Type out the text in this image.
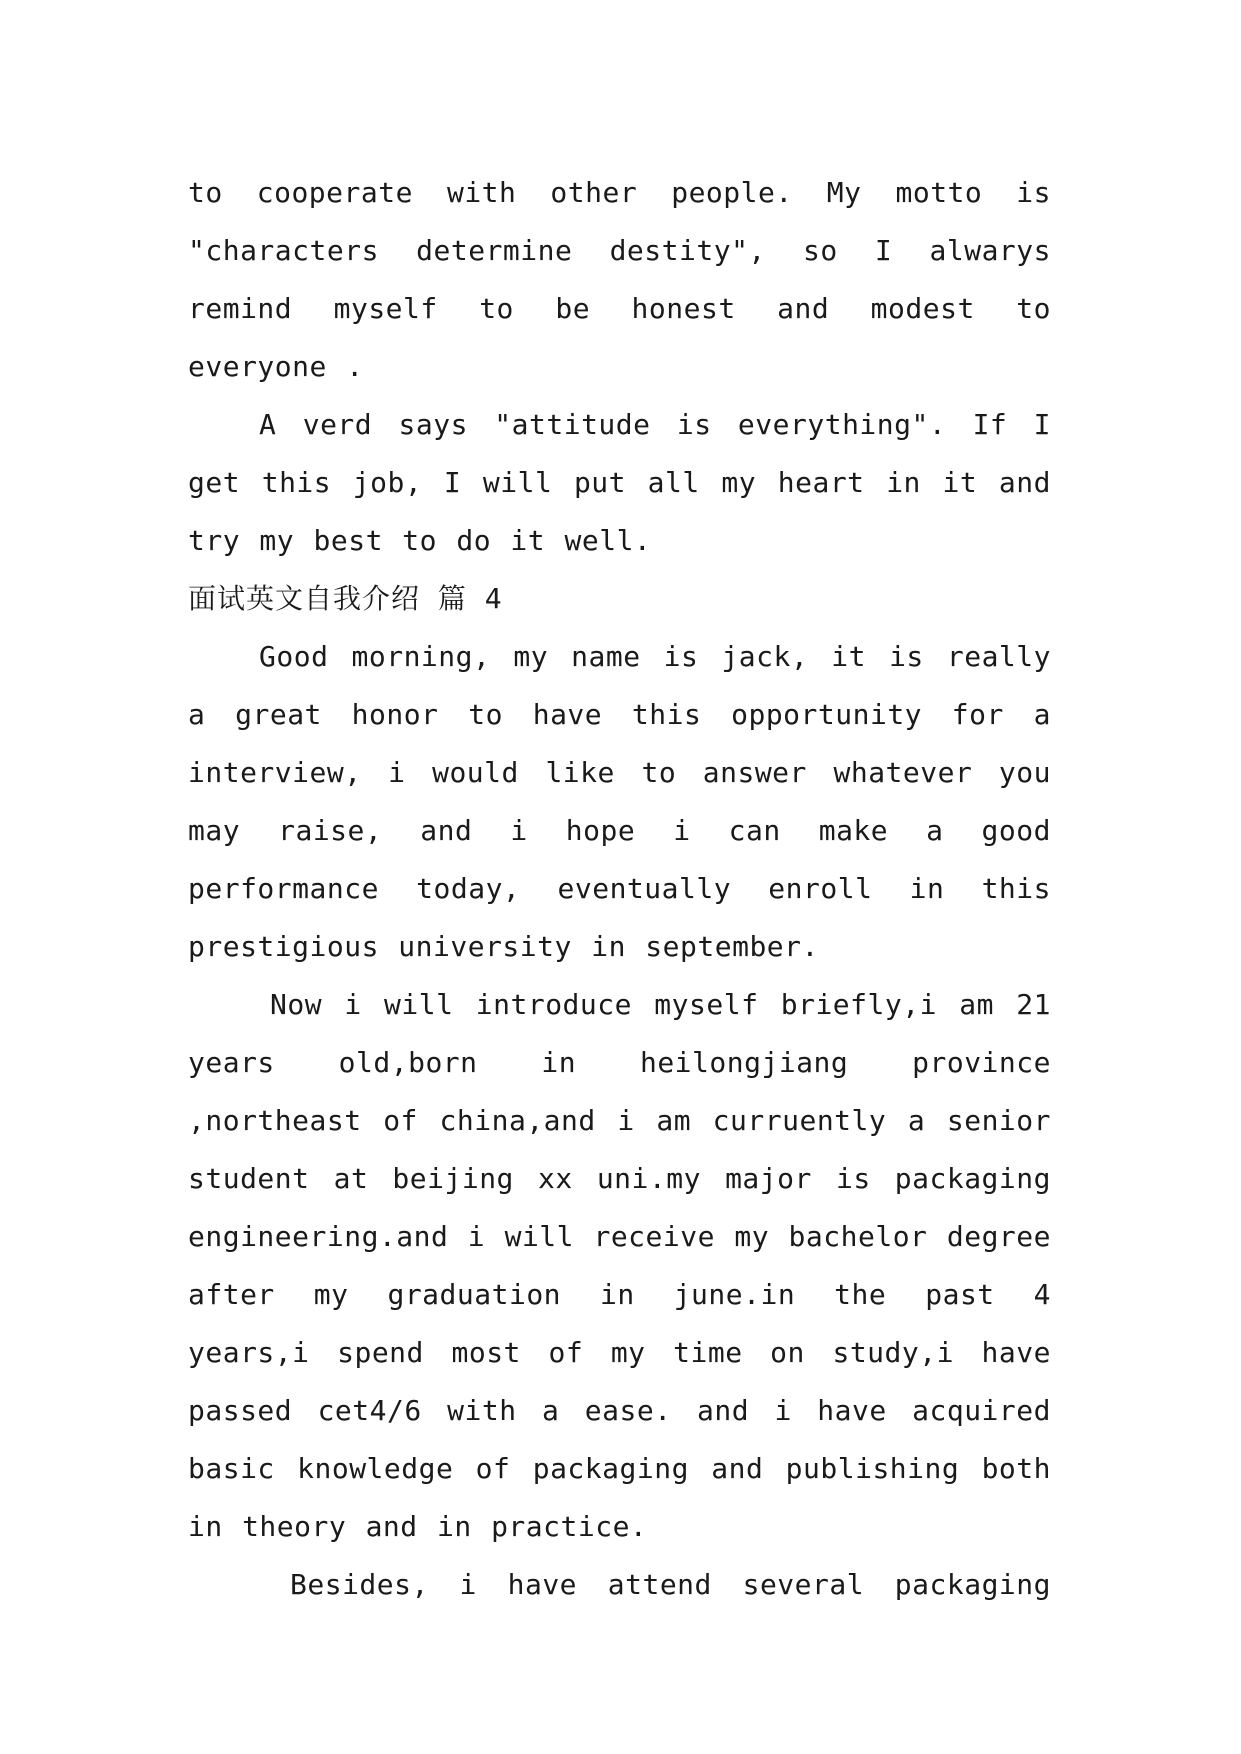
to cooperate with other people. My motto is "characters determine destity", so I alwarys remind myself to be honest and modest to everyone .

A verd says "attitude is everything". If I get this job, I will put all my heart in it and try my best to do it well.

面试英文自我介绍 篇 4

Good morning, my name is jack, it is really a great honor to have this opportunity for a interview, i would like to answer whatever you may raise, and i hope i can make a good performance today, eventually enroll in this prestigious university in september.

Now i will introduce myself briefly,i am 21 years old,born in heilongjiang province ,northeast of china,and i am curruently a senior student at beijing xx uni.my major is packaging engineering.and i will receive my bachelor degree after my graduation in june.in the past 4 years,i spend most of my time on study,i have passed cet4/6 with a ease. and i have acquired basic knowledge of packaging and publishing both in theory and in practice.

Besides, i have attend several packaging
